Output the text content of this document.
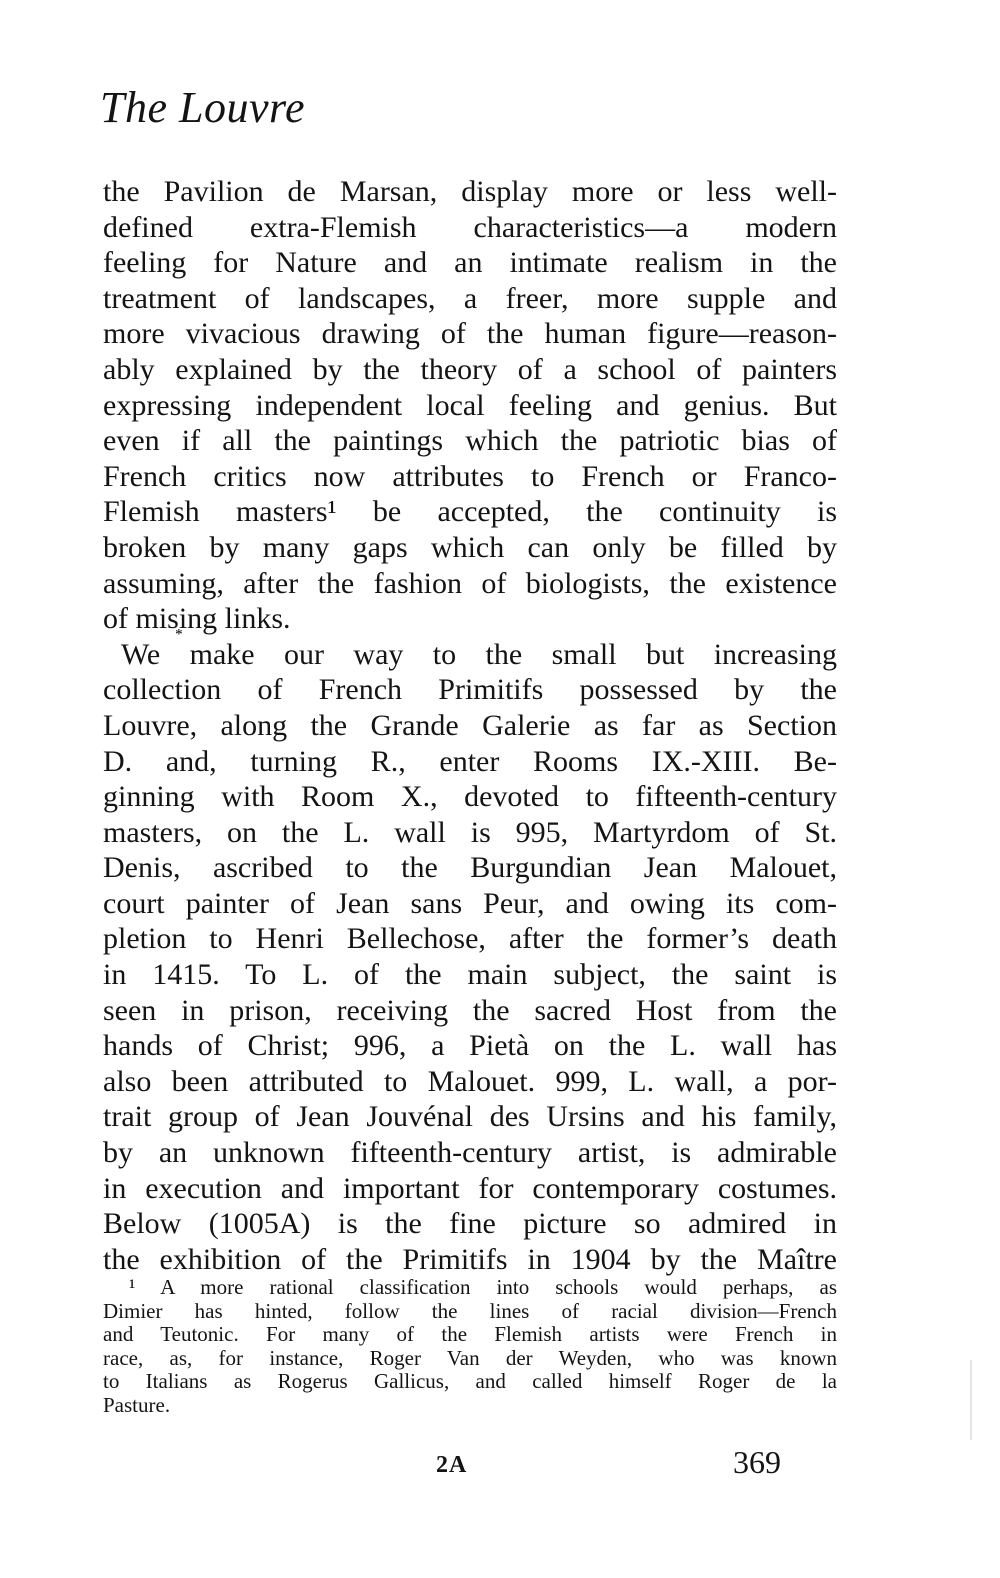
The Louvre
the Pavilion de Marsan, display more or less well-
defined extra-Flemish characteristics—a modern
feeling for Nature and an intimate realism in the
treatment of landscapes, a freer, more supple and
more vivacious drawing of the human figure—reason-
ably explained by the theory of a school of painters
expressing independent local feeling and genius. But
even if all the paintings which the patriotic bias of
French critics now attributes to French or Franco-
Flemish masters¹ be accepted, the continuity is
broken by many gaps which can only be filled by
assuming, after the fashion of biologists, the existence
of mis͙ing links.
We make our way to the small but increasing
collection of French Primitifs possessed by the
Louvre, along the Grande Galerie as far as Section
D. and, turning R., enter Rooms IX.-XIII. Be-
ginning with Room X., devoted to fifteenth-century
masters, on the L. wall is 995, Martyrdom of St.
Denis, ascribed to the Burgundian Jean Malouet,
court painter of Jean sans Peur, and owing its com-
pletion to Henri Bellechose, after the former’s death
in 1415. To L. of the main subject, the saint is
seen in prison, receiving the sacred Host from the
hands of Christ; 996, a Pietà on the L. wall has
also been attributed to Malouet. 999, L. wall, a por-
trait group of Jean Jouvénal des Ursins and his family,
by an unknown fifteenth-century artist, is admirable
in execution and important for contemporary costumes.
Below (1005A) is the fine picture so admired in
the exhibition of the Primitifs in 1904 by the Maître
¹ A more rational classification into schools would perhaps, as
Dimier has hinted, follow the lines of racial division—French
and Teutonic. For many of the Flemish artists were French in
race, as, for instance, Roger Van der Weyden, who was known
to Italians as Rogerus Gallicus, and called himself Roger de la
Pasture.
2A	369
